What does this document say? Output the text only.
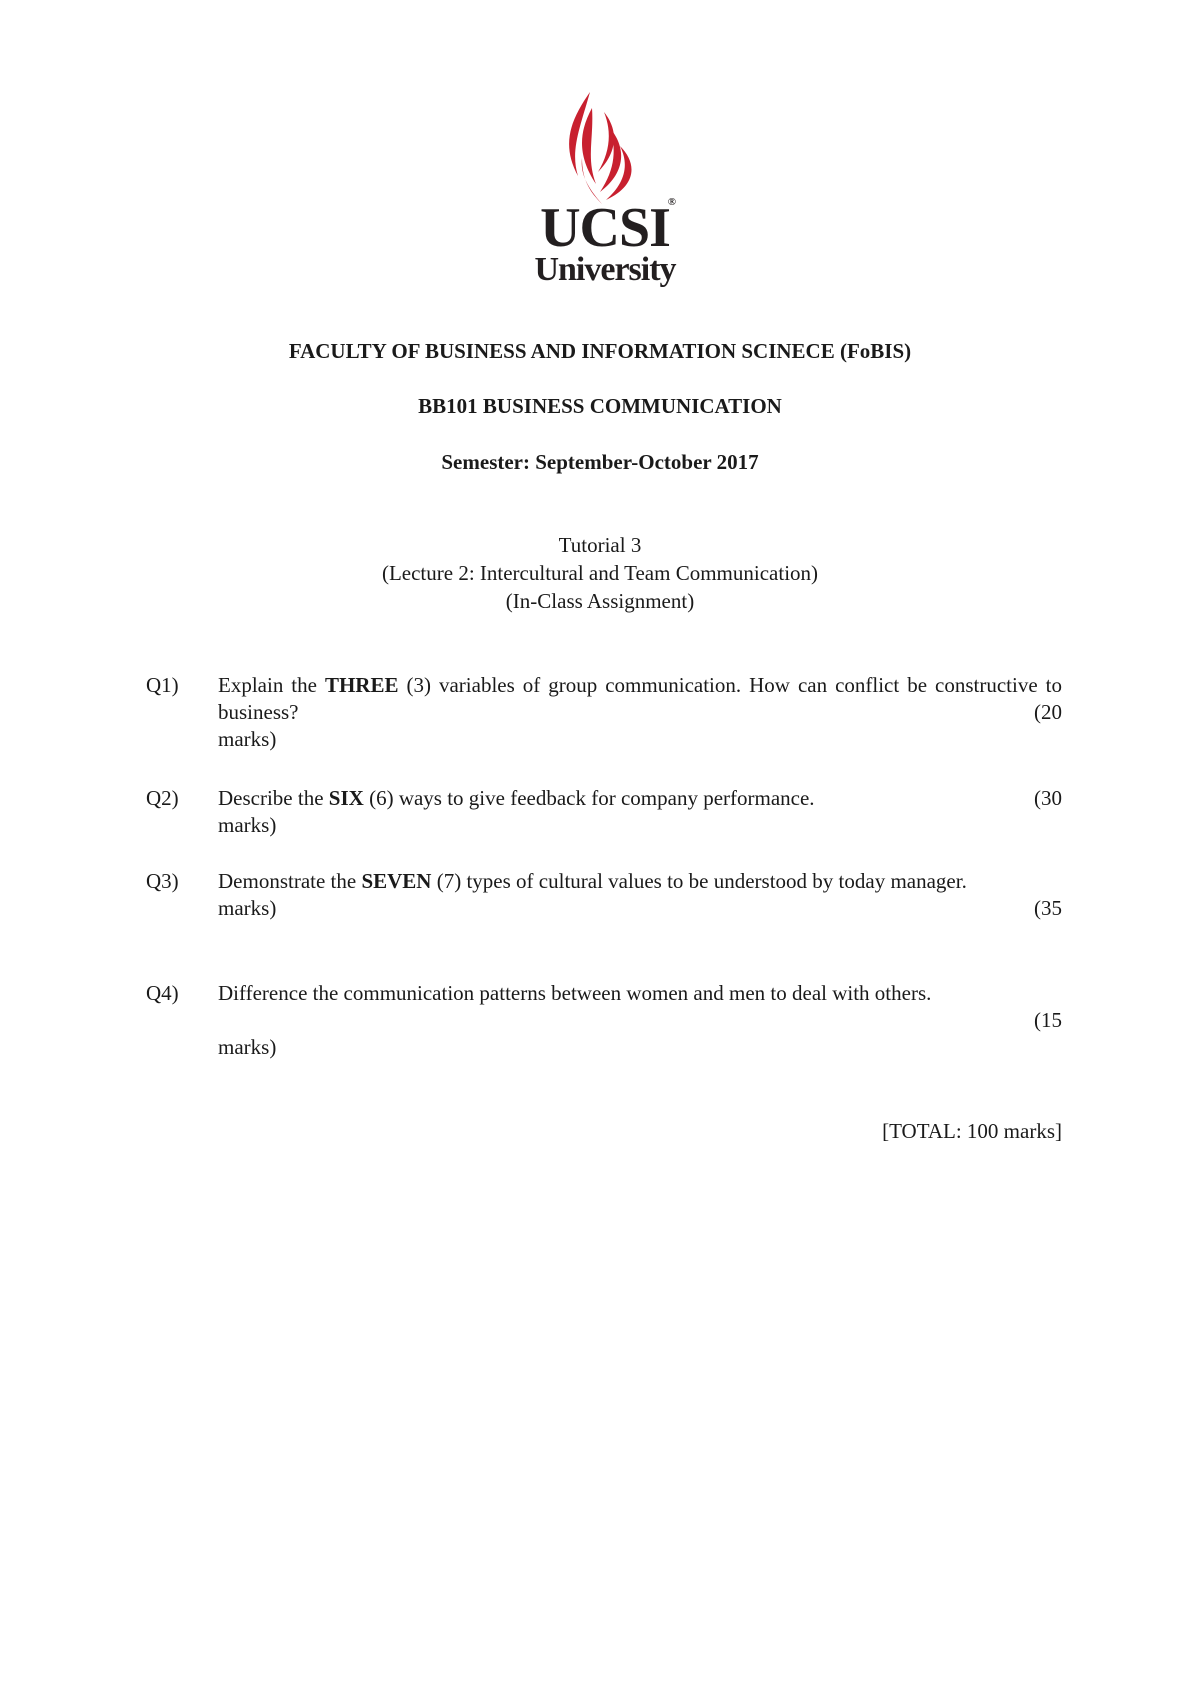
UCSI
®
University
FACULTY OF BUSINESS AND INFORMATION SCINECE (FoBIS)
BB101 BUSINESS COMMUNICATION
Semester: September-October 2017
Tutorial 3
(Lecture 2: Intercultural and Team Communication)
(In-Class Assignment)
Q1)	Explain the THREE (3) variables of group communication. How can conflict be constructive to business?	(20
marks)
Q2)	Describe the SIX (6) ways to give feedback for company performance.	(30
marks)
Q3)	Demonstrate the SEVEN (7) types of cultural values to be understood by today manager.
(35
marks)
Q4)	Difference the communication patterns between women and men to deal with others.
(15
marks)
[TOTAL: 100 marks]
